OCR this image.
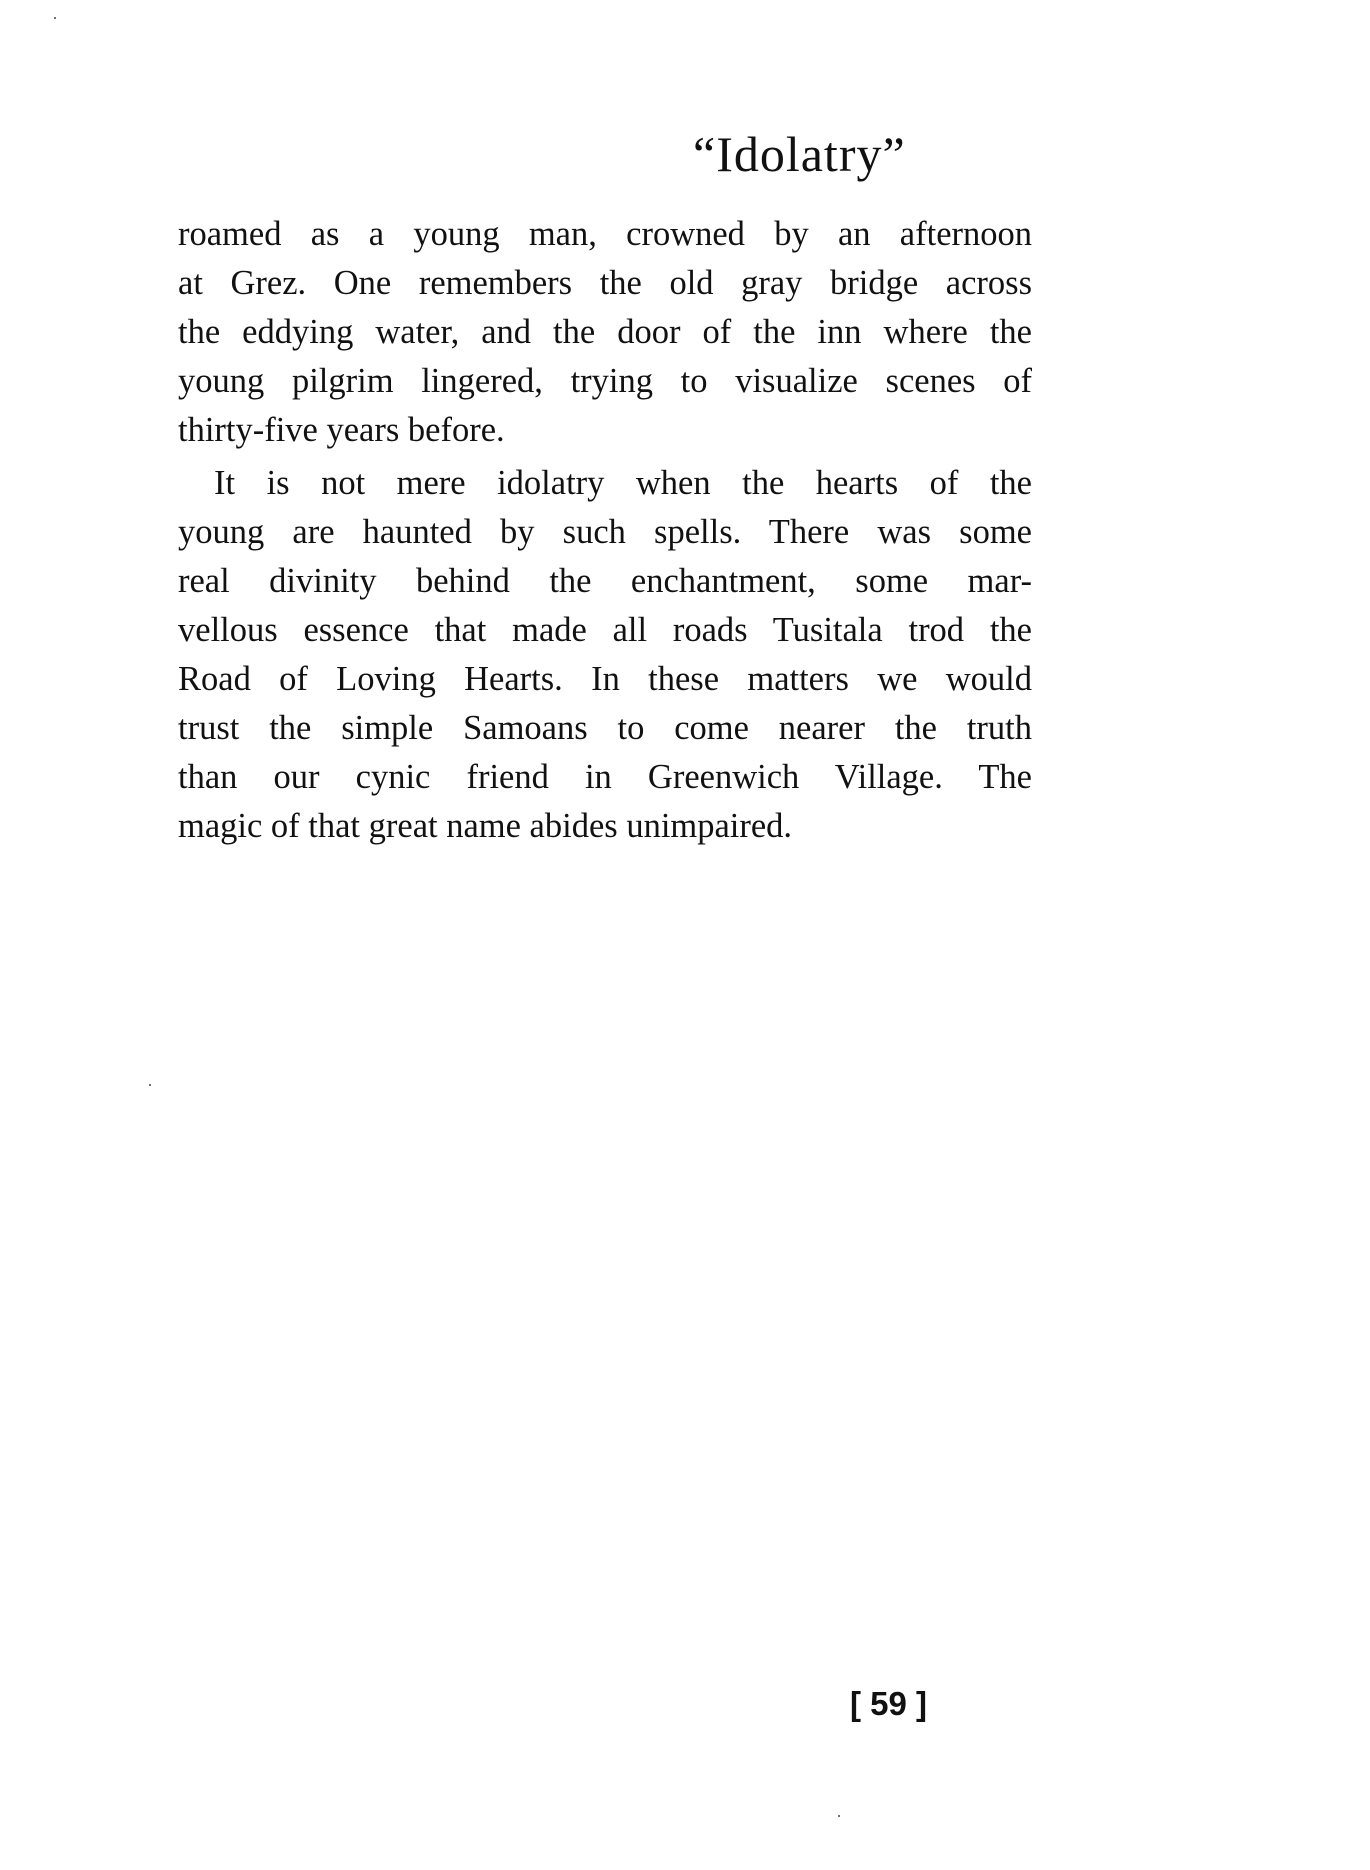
“Idolatry”

roamed as a young man, crowned by an afternoon
at Grez. One remembers the old gray bridge across
the eddying water, and the door of the inn where the
young pilgrim lingered, trying to visualize scenes of
thirty-five years before.

It is not mere idolatry when the hearts of the
young are haunted by such spells. There was some
real divinity behind the enchantment, some mar-
vellous essence that made all roads Tusitala trod the
Road of Loving Hearts. In these matters we would
trust the simple Samoans to come nearer the truth
than our cynic friend in Greenwich Village. The
magic of that great name abides unimpaired.

[ 59 ]
